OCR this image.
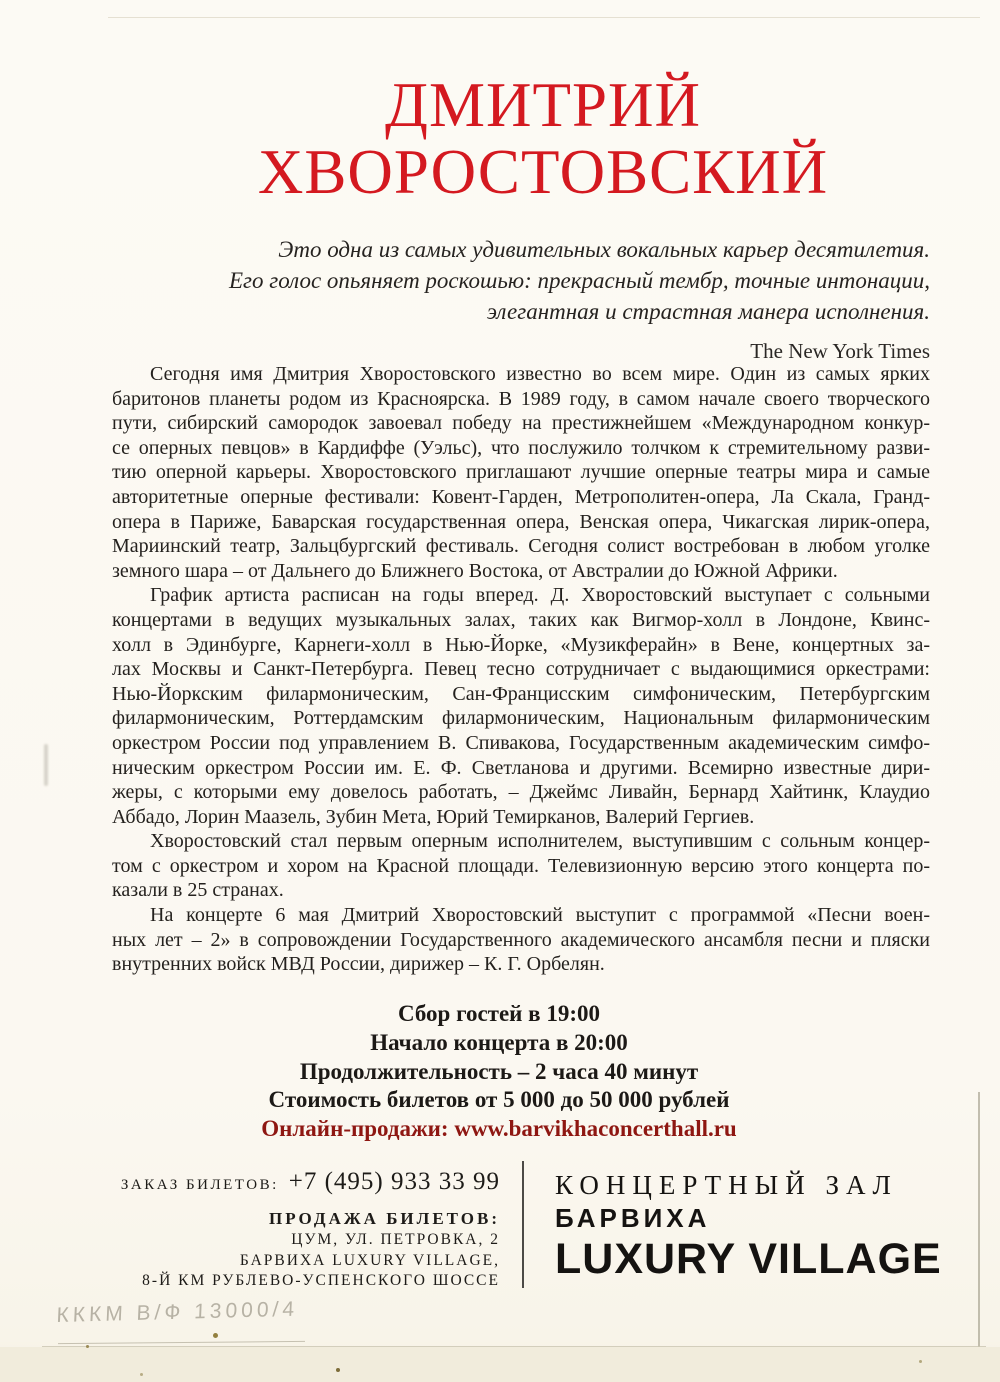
ДМИТРИЙ
ХВОРОСТОВСКИЙ
Это одна из самых удивительных вокальных карьер десятилетия.
Его голос опьяняет роскошью: прекрасный тембр, точные интонации,
элегантная и страстная манера исполнения.
The New York Times
Сегодня имя Дмитрия Хворостовского известно во всем мире. Один из самых ярких
баритонов планеты родом из Красноярска. В 1989 году, в самом начале своего творческого
пути, сибирский самородок завоевал победу на престижнейшем «Международном конкур-
се оперных певцов» в Кардиффе (Уэльс), что послужило толчком к стремительному разви-
тию оперной карьеры. Хворостовского приглашают лучшие оперные театры мира и самые
авторитетные оперные фестивали: Ковент-Гарден, Метрополитен-опера, Ла Скала, Гранд-
опера в Париже, Баварская государственная опера, Венская опера, Чикагская лирик-опера,
Мариинский театр, Зальцбургский фестиваль. Сегодня солист востребован в любом уголке
земного шара – от Дальнего до Ближнего Востока, от Австралии до Южной Африки.
График артиста расписан на годы вперед. Д. Хворостовский выступает с сольными
концертами в ведущих музыкальных залах, таких как Вигмор-холл в Лондоне, Квинс-
холл в Эдинбурге, Карнеги-холл в Нью-Йорке, «Музикферайн» в Вене, концертных за-
лах Москвы и Санкт-Петербурга. Певец тесно сотрудничает с выдающимися оркестрами:
Нью-Йоркским филармоническим, Сан-Францисским симфоническим, Петербургским
филармоническим, Роттердамским филармоническим, Национальным филармоническим
оркестром России под управлением В. Спивакова, Государственным академическим симфо-
ническим оркестром России им. Е. Ф. Светланова и другими. Всемирно известные дири-
жеры, с которыми ему довелось работать, – Джеймс Ливайн, Бернард Хайтинк, Клаудио
Аббадо, Лорин Маазель, Зубин Мета, Юрий Темирканов, Валерий Гергиев.
Хворостовский стал первым оперным исполнителем, выступившим с сольным концер-
том с оркестром и хором на Красной площади. Телевизионную версию этого концерта по-
казали в 25 странах.
На концерте 6 мая Дмитрий Хворостовский выступит с программой «Песни воен-
ных лет – 2» в сопровождении Государственного академического ансамбля песни и пляски
внутренних войск МВД России, дирижер – К. Г. Орбелян.
Сбор гостей в 19:00
Начало концерта в 20:00
Продолжительность – 2 часа 40 минут
Стоимость билетов от 5 000 до 50 000 рублей
Онлайн-продажи: www.barvikhaconcerthall.ru
ЗАКАЗ БИЛЕТОВ: +7 (495) 933 33 99
ПРОДАЖА БИЛЕТОВ:
ЦУМ, УЛ. ПЕТРОВКА, 2
БАРВИХА LUXURY VILLAGE,
8-Й КМ РУБЛЕВО-УСПЕНСКОГО ШОССЕ
КОНЦЕРТНЫЙ ЗАЛ
БАРВИХА
LUXURY VILLAGE
КККМ В/Ф 13000/4
